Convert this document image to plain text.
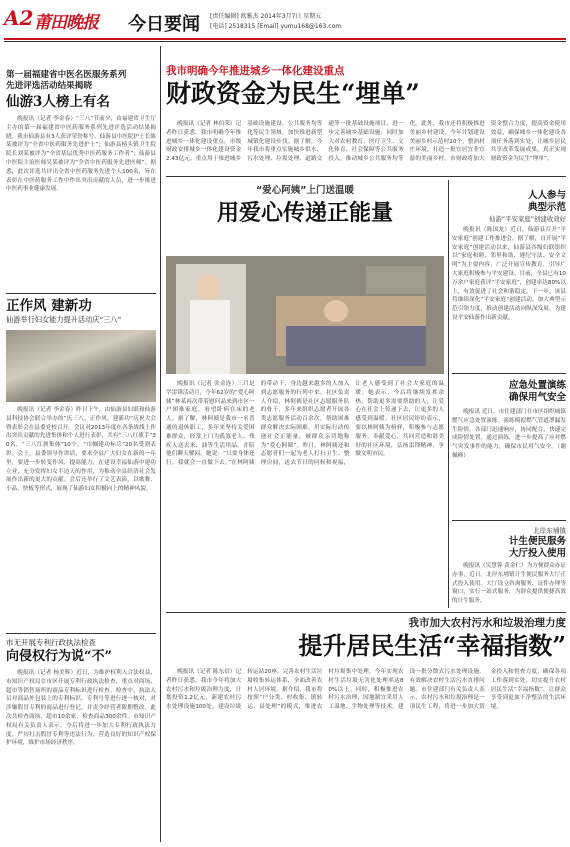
A2 莆田晚报 今日要闻 [责任编辑] 欧雅杰 2014年3月7日 星期五
[电话] 2518315 [Email] yumu168@163.com
第一届福建省中医名医服务系列
先进评选活动结果揭晓
仙游3人榜上有名

晚报讯（记者 李金春）“三八”节前夕，由福建省卫生厅主办的第一届福建省中医药服务系列先进评选活动结果揭晓，我市仙游县有3人获评荣誉称号。仙游县中医院护士长陈某被评为“全省中医药服务先进护士”；仙游县榜头镇卫生院院长刘某被评为“全省基层优秀中医药服务工作者”；仙游县中医院主治医师吴某被评为“全省中医药服务先进医师”。据悉，此次评选共评出全省中医药服务先进个人100名，旨在表彰在中医药服务工作中作出突出贡献的人员，进一步推进中医药事业健康发展。

正作风 建新功
仙游举行妇女能力提升活动庆“三八”

晚报讯（记者 李金春）昨日下午，由仙游县妇联和仙游县科技协会联合举办的“庆三八、正作风、建新功”庆祝大会暨表彰会在县委党校召开。会议对2013年度在各条战线上作出突出贡献的先进集体和个人进行表彰，共有“三八红旗手”30名，“三八红旗集体”10个，“巾帼建功标兵”20名受到表彰。会上，县委领导作讲话，要求全县广大妇女在新的一年里，要进一步转变作风，提高能力，在建设幸福仙游中建功立业，充分发挥妇女半边天的作用，为推动全县经济社会发展作出新的更大的贡献。会后还举行了文艺表演，以歌舞、小品、快板等形式，展现了仙游妇女积极向上的精神风貌。

市无开展专利行政执法检查
向侵权行为说“不”

晚报讯（记者 杨美辉）近日，为维护权利人合法权益，市知识产权局在市区开展专利行政执法检查，重点对商场、超市等销售场所的商品专利标识进行检查。检查中，执法人员对商品外包装上的专利标识、专利号等进行逐一核对，对涉嫌假冒专利的商品进行登记，并责令经营者限期整改。此次共检查商场、超市10余家，检查商品300余件。市知识产权局有关负责人表示，今后将进一步加大专利行政执法力度，严厉打击假冒专利等违法行为，营造良好的知识产权保护环境，维护市场经济秩序。

我市明确今年推进城乡一体化建设重点
财政资金为民生“埋单”

晚报讯（记者 林伯荣）记者昨日获悉，我市明确今年推进城乡一体化建设重点，市级财政安排城乡一体化建设资金2.43亿元，重点用于推进城乡基础设施建设、公共服务均等化等民生领域，加快推进新型城镇化建设步伐。据了解，今年我市将重点实施城乡供水、污水处理、垃圾处理、道路交通等一批基础设施项目，进一步完善城乡基础设施；同时加大对农村教育、医疗卫生、文化体育、社会保障等公共服务投入，推动城乡公共服务均等化。此外，我市还将积极推进美丽乡村建设，今年计划建设美丽乡村示范村10个，整治村庄环境，打造一批宜居宜业宜游的美丽乡村。市财政将加大资金整合力度，提高资金使用效益，确保城乡一体化建设各项任务落到实处，让城乡居民共享改革发展成果，真正实现财政资金为民生“埋单”。

“爱心阿姨”上门送温暖
用爱心传递正能量

晚报讯（记者 张金连）三月是学雷锋活动月，今年62岁的“爱心阿姨”林某再次带着慰问品来到市区一户困难家庭，看望卧病在床的老人。据了解，林阿姨是我市一名普通的退休职工，多年来坚持关爱困难群众，经常上门为孤寡老人、残疾人送去米、油等生活用品，并陪他们聊天解闷。她说：“只要身体还行，我就会一直做下去。”在林阿姨的带动下，身边越来越多的人加入到志愿服务的行列中来。社区负责人介绍，林阿姨是社区志愿服务队的骨干，多年来组织志愿者开展各类志愿服务活动百余次，帮助困难群众解决实际困难，用实际行动传递社会正能量，被群众亲切地称为“爱心阿姨”。昨日，林阿姨还和志愿者们一起为老人打扫卫生、整理房间，送去节日的问候和祝福，让老人感受到了社会大家庭的温暖。她表示，今后将继续发挥余热，帮助更多需要帮助的人，让爱心在社会上传递下去，让更多的人感受到温暖。社区居民纷纷表示，要以林阿姨为榜样，积极参与志愿服务，奉献爱心，共同营造和谐美好的社区环境，弘扬雷锋精神，争做文明市民。

人人参与
典型示范
仙游“平安家庭”创建收效好

晚报讯（陈国龙）近日，仙游县召开“平安家庭”创建工作推进会。据了解，自开展“平安家庭”创建活动以来，仙游县各级妇联组织以“家庭和睦、邻里和谐、遵纪守法、安全文明”为主要内容，广泛开展宣传教育，引导广大家庭积极参与平安建设。目前，全县已有10万余户家庭获评“平安家庭”，创建率达80%以上，有效促进了社会和谐稳定。下一步，该县将继续深化“平安家庭”创建活动，加大典型示范引领力度，推动创建活动向纵深发展，为建设平安仙游作出新贡献。

应急处置演练
确保用气安全

晚报讯 近日，市住建部门在市区组织城镇燃气应急处置演练。演练模拟燃气管道泄漏发生险情，各部门迅速响应，协同配合，快速完成险情处置。通过演练，进一步提高了应对燃气突发事件的能力，确保市民用气安全。（谢佩峰）

北岸东埔镇
计生便民服务
大厅投入使用

晚报讯（吴慧蓉 黄金仁）为方便群众办证办事，近日，北岸东埔镇计生便民服务大厅正式投入使用。大厅设立咨询服务、证件办理等窗口，实行一站式服务，为群众提供便捷高效的计生服务。

我市加大农村污水和垃圾治理力度
提升居民生活“幸福指数”

晚报讯（记者 陈东信）记者昨日获悉，我市今年将加大农村污水和垃圾治理力度，计划投资1.2亿元，新建农村污水处理设施100处，建设垃圾转运站20座，完善农村生活垃圾收集转运体系，全面改善农村人居环境。据介绍，我市将按照“户分类、村收集、镇转运、县处理”的模式，推进农村垃圾集中处理，今年实现农村生活垃圾无害化处理率达80%以上。同时，积极推进农村污水治理，因地制宜采用人工湿地、生物处理等技术，建设一批分散式污水处理设施，有效解决农村生活污水直排问题。市住建部门有关负责人表示，农村污水和垃圾治理是一项民生工程，将进一步加大资金投入和督查力度，确保各项工作落到实处，切实提升农村居民生活“幸福指数”，让群众享受到更加干净整洁的生活环境。
